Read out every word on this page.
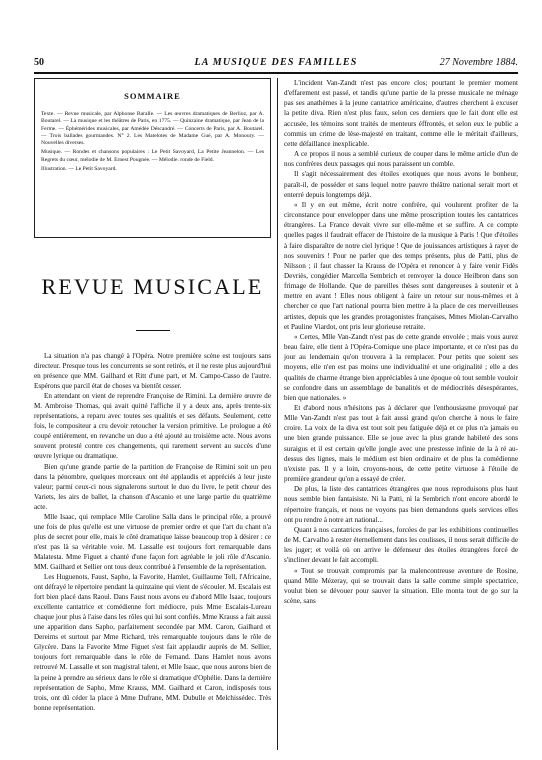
50	LA MUSIQUE DES FAMILLES	27 Novembre 1884.
SOMMAIRE

Texte. — Revue musicale, par Alphonse Baralle. — Les œuvres dramatiques de Berlioz, par A. Boutarel. — La musique et les théâtres de Paris, en 1775. — Quinzaine dramatique, par Jean de la Ferme. — Éphémérides musicales, par Amédée Déscandré. — Concerts de Paris, par A. Boutarel. — Trois ballades gourmandes. N° 2. Les Matelotes de Madame Gué, par A. Monoury. — Nouvelles diverses.

Musique. — Rondes et chansons populaires : Le Petit Savoyard, La Petite Jeannelon. — Les Regrets du cœur, mélodie de M. Ernest Pougnée. — Mélodie. ronde de Field.

Illustration. — Le Petit Savoyard.

REVUE MUSICALE

La situation n'a pas changé à l'Opéra. Notre première scène est toujours sans directeur. Presque tous les concurrents se sont retirés, et il ne reste plus aujourd'hui en présence que MM. Gailhard et Ritt d'une part, et M. Campo-Casso de l'autre. Espérons que parcil état de choses va bientôt cesser.

En attendant on vient de reprendre Françoise de Rimini. La dernière œuvre de M. Ambroise Thomas, qui avait quitté l'affiche il y a deux ans, après trente-six représentations, a reparu avec toutes ses qualités et ses défauts. Seulement, cette fois, le compositeur a cru devoir retoucher la version primitive. Le prologue a été coupé entièrement, en revanche un duo a été ajouté au troisième acte. Nous avons souvent protesté contre ces changements, qui rarement servent au succès d'une œuvre lyrique ou dramatique.

Bien qu'une grande partie de la partition de Françoise de Rimini soit un peu dans la pénombre, quelques morceaux ont été applaudis et appréciés à leur juste valeur; parmi ceux-ci nous signalerons surtout le duo du livre, le petit chœur des Variets, les airs de ballet, la chanson d'Ascanio et une large partie du quatrième acte.

Mlle Isaac, qui remplace Mlle Caroline Salla dans le principal rôle, a prouvé une fois de plus qu'elle est une virtuose de premier ordre et que l'art du chant n'a plus de secret pour elle, mais le côté dramatique laisse beaucoup trop à désirer : ce n'est pas là sa véritable voie. M. Lassalle est toujours fort remarquable dans Malatesta. Mme Figuet a chanté d'une façon fort agréable le joli rôle d'Ascanio. MM. Gailhard et Sellier ont tous deux contribué à l'ensemble de la représentation.

Les Huguenots, Faust, Sapho, la Favorite, Hamlet, Guillaume Tell, l'Africaine, ont défrayé le répertoire pendant la quinzaine qui vient de s'écouler. M. Escalais est fort bien placé dans Raoul. Dans Faust nous avons eu d'abord Mlle Isaac, toujours excellente cantatrice et comédienne fort médiocre, puis Mme Escalais-Lureau chaque jour plus à l'aise dans les rôles qui lui sont confiés. Mme Krauss a fait aussi une apparition dans Sapho, parfaitement secondée par MM. Caron, Gailhard et Dereims et surtout par Mme Richard, très remarquable toujours dans le rôle de Glycère. Dans la Favorite Mme Figuet s'est fait applaudir auprès de M. Sellier, toujours fort remarquable dans le rôle de Fernand. Dans Hamlet nous avons retrouvé M. Lassalle et son magistral talent, et Mlle Isaac, que nous aurons bien de la peine à prendre au sérieux dans le rôle si dramatique d'Ophélie. Dans la dernière représentation de Sapho, Mme Krauss, MM. Gailhard et Caron, indisposés tous trois, ont dû céder la place à Mme Dufrane, MM. Dubulle et Melchissédec. Très bonne représentation.

L'incident Van-Zandt n'est pas encore clos; pourtant le premier moment d'effarement est passé, et tandis qu'une partie de la presse musicale ne ménage pas ses anathèmes à la jeune cantatrice américaine, d'autres cherchent à excuser la petite diva. Rien n'est plus faux, selon ces derniers que le fait dont elle est accusée, les témoins sont traités de menteurs éffrontés, et selon eux le public a commis un crime de lèse-majesté en traitant, comme elle le méritait d'ailleurs, cette défaillance inexplicable.

A ce propos il nous a semblé curieux de couper dans le même article d'un de nos confrères deux passages qui nous paraissent un comble.

Il s'agit nécessairement des étoiles exotiques que nous avons le bonheur, paraît-il, de posséder et sans lequel notre pauvre théâtre national serait mort et enterré depuis longtemps déjà.

« Il y en eut même, écrit notre confrère, qui voulurent profiter de la circonstance pour envelopper dans une même proscription toutes les cantatrices étrangères. La France devait vivre sur elle-même et se suffire. A ce compte quelles pages il faudrait effacer de l'histoire de la musique à Paris ! Que d'étoiles à faire disparaître de notre ciel lyrique ! Que de jouissances artistiques à rayer de nos souvenirs ! Pour ne parler que des temps présents, plus de Patti, plus de Nilsson ; il faut chasser la Krauss de l'Opéra et renoncer à y faire venir Fidès Devriès, congédier Marcella Sembrich et renvoyer la douce Heilbron dans son frimage de Hollande. Que de pareilles thèses sont dangereuses à soutenir et à mettre en avant ! Elles nous obligent à faire un retour sur nous-mêmes et à chercher ce que l'art national pourra bien mettre à la place de ces merveilleuses artistes, depuis que les grandes protagonistes françaises, Mmes Miolan-Carvalho et Pauline Viardot, ont pris leur glorieuse retraite.

« Certes, Mlle Van-Zandt n'est pas de cette grande envolée ; mais vous aurez beau faire, elle tient à l'Opéra-Comique une place importante, et ce n'est pas du jour au lendemain qu'on trouvera à la remplacer. Pour petits que soient ses moyens, elle n'en est pas moins une individualité et une originalité ; elle a des qualités de charme étrange bien appréciables à une époque où tout semble vouloir se confondre dans un assemblage de banalités et de médiocrités désespérantes, bien que nationales. »

Et d'abord nous n'hésitons pas à déclarer que l'enthousiasme provoqué par Mlle Van-Zandt n'est pas tout à fait aussi grand qu'on cherche à nous le faire croire. La voix de la diva est tout soit peu fatiguée déjà et ce plus n'a jamais eu une bien grande puissance. Elle se joue avec la plus grande habileté des sons suraigus et il est certain qu'elle jongle avec une prestesse infinie de la à ré au-dessus des lignes, mais le médium est bien ordinaire et de plus la comédienne n'existe pas. Il y a loin, croyons-nous, de cette petite virtuose à l'étoile de première grandeur qu'on a essayé de créer.

De plus, la liste des cantatrices étrangères que nous reproduisons plus haut nous semble bien fantaisiste. Ni la Patti, ni la Sembrich n'ont encore abordé le répertoire français, et nous ne voyons pas bien demandons quels services elles ont pu rendre à notre art national...

Quant à nos cantatrices françaises, forcées de par les exhibitions continuelles de M. Carvalho à rester éternellement dans les coulisses, il nous serait difficile de les juger; et voilà où on arrive le défenseur des étoiles étrangères forcé de s'incliner devant le fait accompli.

« Tout se trouvait compromis par la malencontreuse aventure de Rosine, quand Mlle Mézeray, qui se trouvait dans la salle comme simple spectatrice, voulut bien se dévouer pour sauver la situation. Elle monta tout de go sur la scène, sans
